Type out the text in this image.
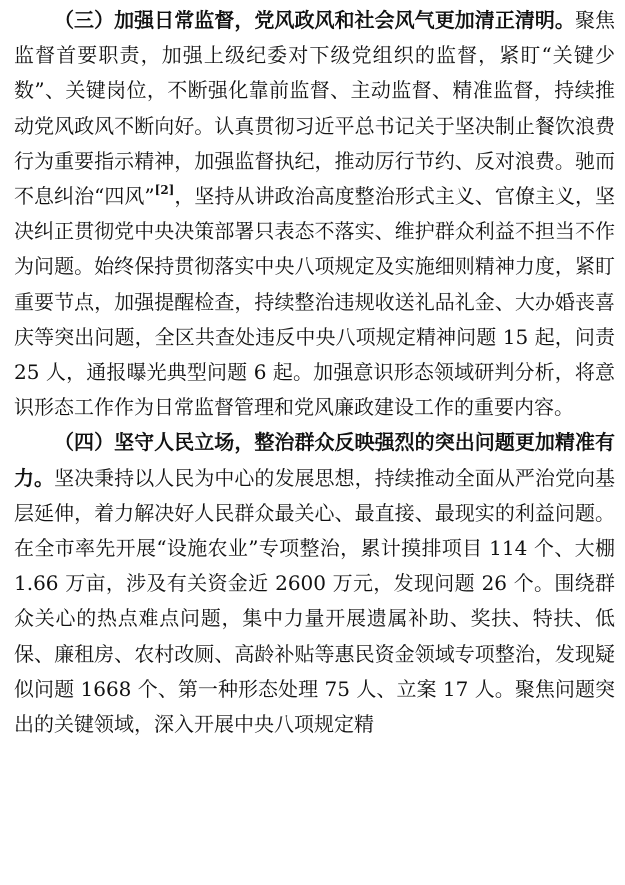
（三）加强日常监督，党风政风和社会风气更加清正清明。聚焦监督首要职责，加强上级纪委对下级党组织的监督，紧盯“关键少数”、关键岗位，不断强化靠前监督、主动监督、精准监督，持续推动党风政风不断向好。认真贯彻习近平总书记关于坚决制止餐饮浪费行为重要指示精神，加强监督执纪，推动厉行节约、反对浪费。驰而不息纠治“四风”[2]，坚持从讲政治高度整治形式主义、官僚主义，坚决纠正贯彻党中央决策部署只表态不落实、维护群众利益不担当不作为问题。始终保持贯彻落实中央八项规定及实施细则精神力度，紧盯重要节点，加强提醒检查，持续整治违规收送礼品礼金、大办婚丧喜庆等突出问题，全区共查处违反中央八项规定精神问题 15 起，问责 25 人，通报曝光典型问题 6 起。加强意识形态领域研判分析，将意识形态工作作为日常监督管理和党风廉政建设工作的重要内容。

（四）坚守人民立场，整治群众反映强烈的突出问题更加精准有力。坚决秉持以人民为中心的发展思想，持续推动全面从严治党向基层延伸，着力解决好人民群众最关心、最直接、最现实的利益问题。在全市率先开展“设施农业”专项整治，累计摸排项目 114 个、大棚 1.66 万亩，涉及有关资金近 2600 万元，发现问题 26 个。围绕群众关心的热点难点问题，集中力量开展遗属补助、奖扶、特扶、低保、廉租房、农村改厕、高龄补贴等惠民资金领域专项整治，发现疑似问题 1668 个、第一种形态处理 75 人、立案 17 人。聚焦问题突出的关键领域，深入开展中央八项规定精
